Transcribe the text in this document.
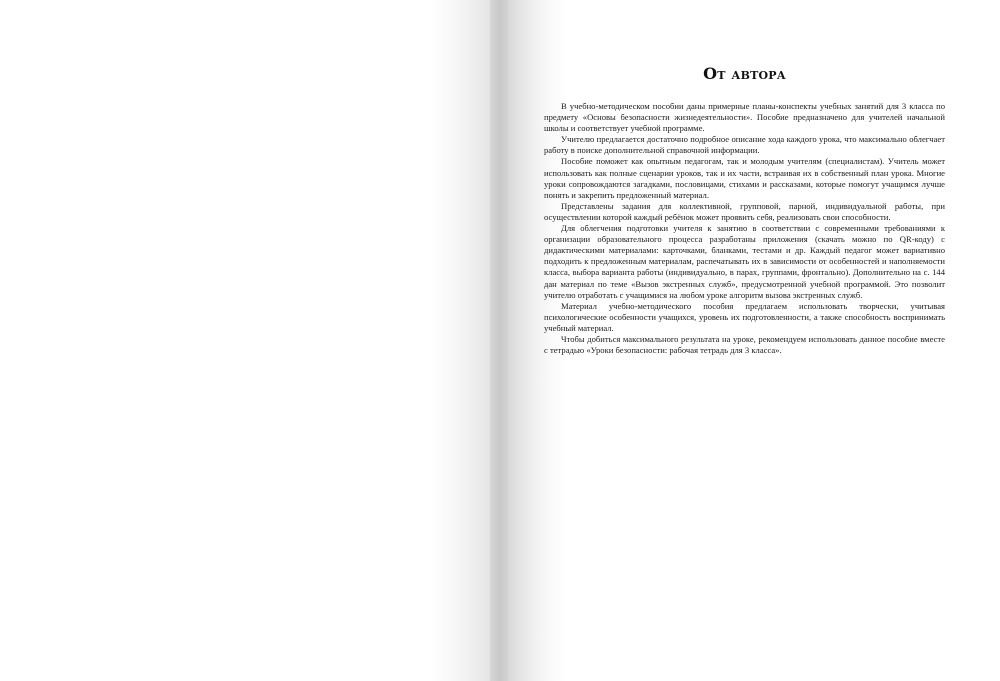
От автора

В учебно-методическом пособии даны примерные планы-конспекты учебных занятий для 3 класса по предмету «Основы безопасности жизнедеятельности». Пособие предназначено для учителей начальной школы и соответствует учебной программе.

Учителю предлагается достаточно подробное описание хода каждого урока, что максимально облегчает работу в поиске дополнительной справочной информации.

Пособие поможет как опытным педагогам, так и молодым учителям (специалистам). Учитель может использовать как полные сценарии уроков, так и их части, встраивая их в собственный план урока. Многие уроки сопровождаются загадками, пословицами, стихами и рассказами, которые помогут учащимся лучше понять и закрепить предложенный материал.

Представлены задания для коллективной, групповой, парной, индивидуальной работы, при осуществлении которой каждый ребёнок может проявить себя, реализовать свои способности.

Для облегчения подготовки учителя к занятию в соответствии с современными требованиями к организации образовательного процесса разработаны приложения (скачать можно по QR-коду) с дидактическими материалами: карточками, бланками, тестами и др. Каждый педагог может вариативно подходить к предложенным материалам, распечатывать их в зависимости от особенностей и наполняемости класса, выбора варианта работы (индивидуально, в парах, группами, фронтально). Дополнительно на с. 144 дан материал по теме «Вызов экстренных служб», предусмотренной учебной программой. Это позволит учителю отработать с учащимися на любом уроке алгоритм вызова экстренных служб.

Материал учебно-методического пособия предлагаем использовать творчески, учитывая психологические особенности учащихся, уровень их подготовленности, а также способность воспринимать учебный материал.

Чтобы добиться максимального результата на уроке, рекомендуем использовать данное пособие вместе с тетрадью «Уроки безопасности: рабочая тетрадь для 3 класса».
